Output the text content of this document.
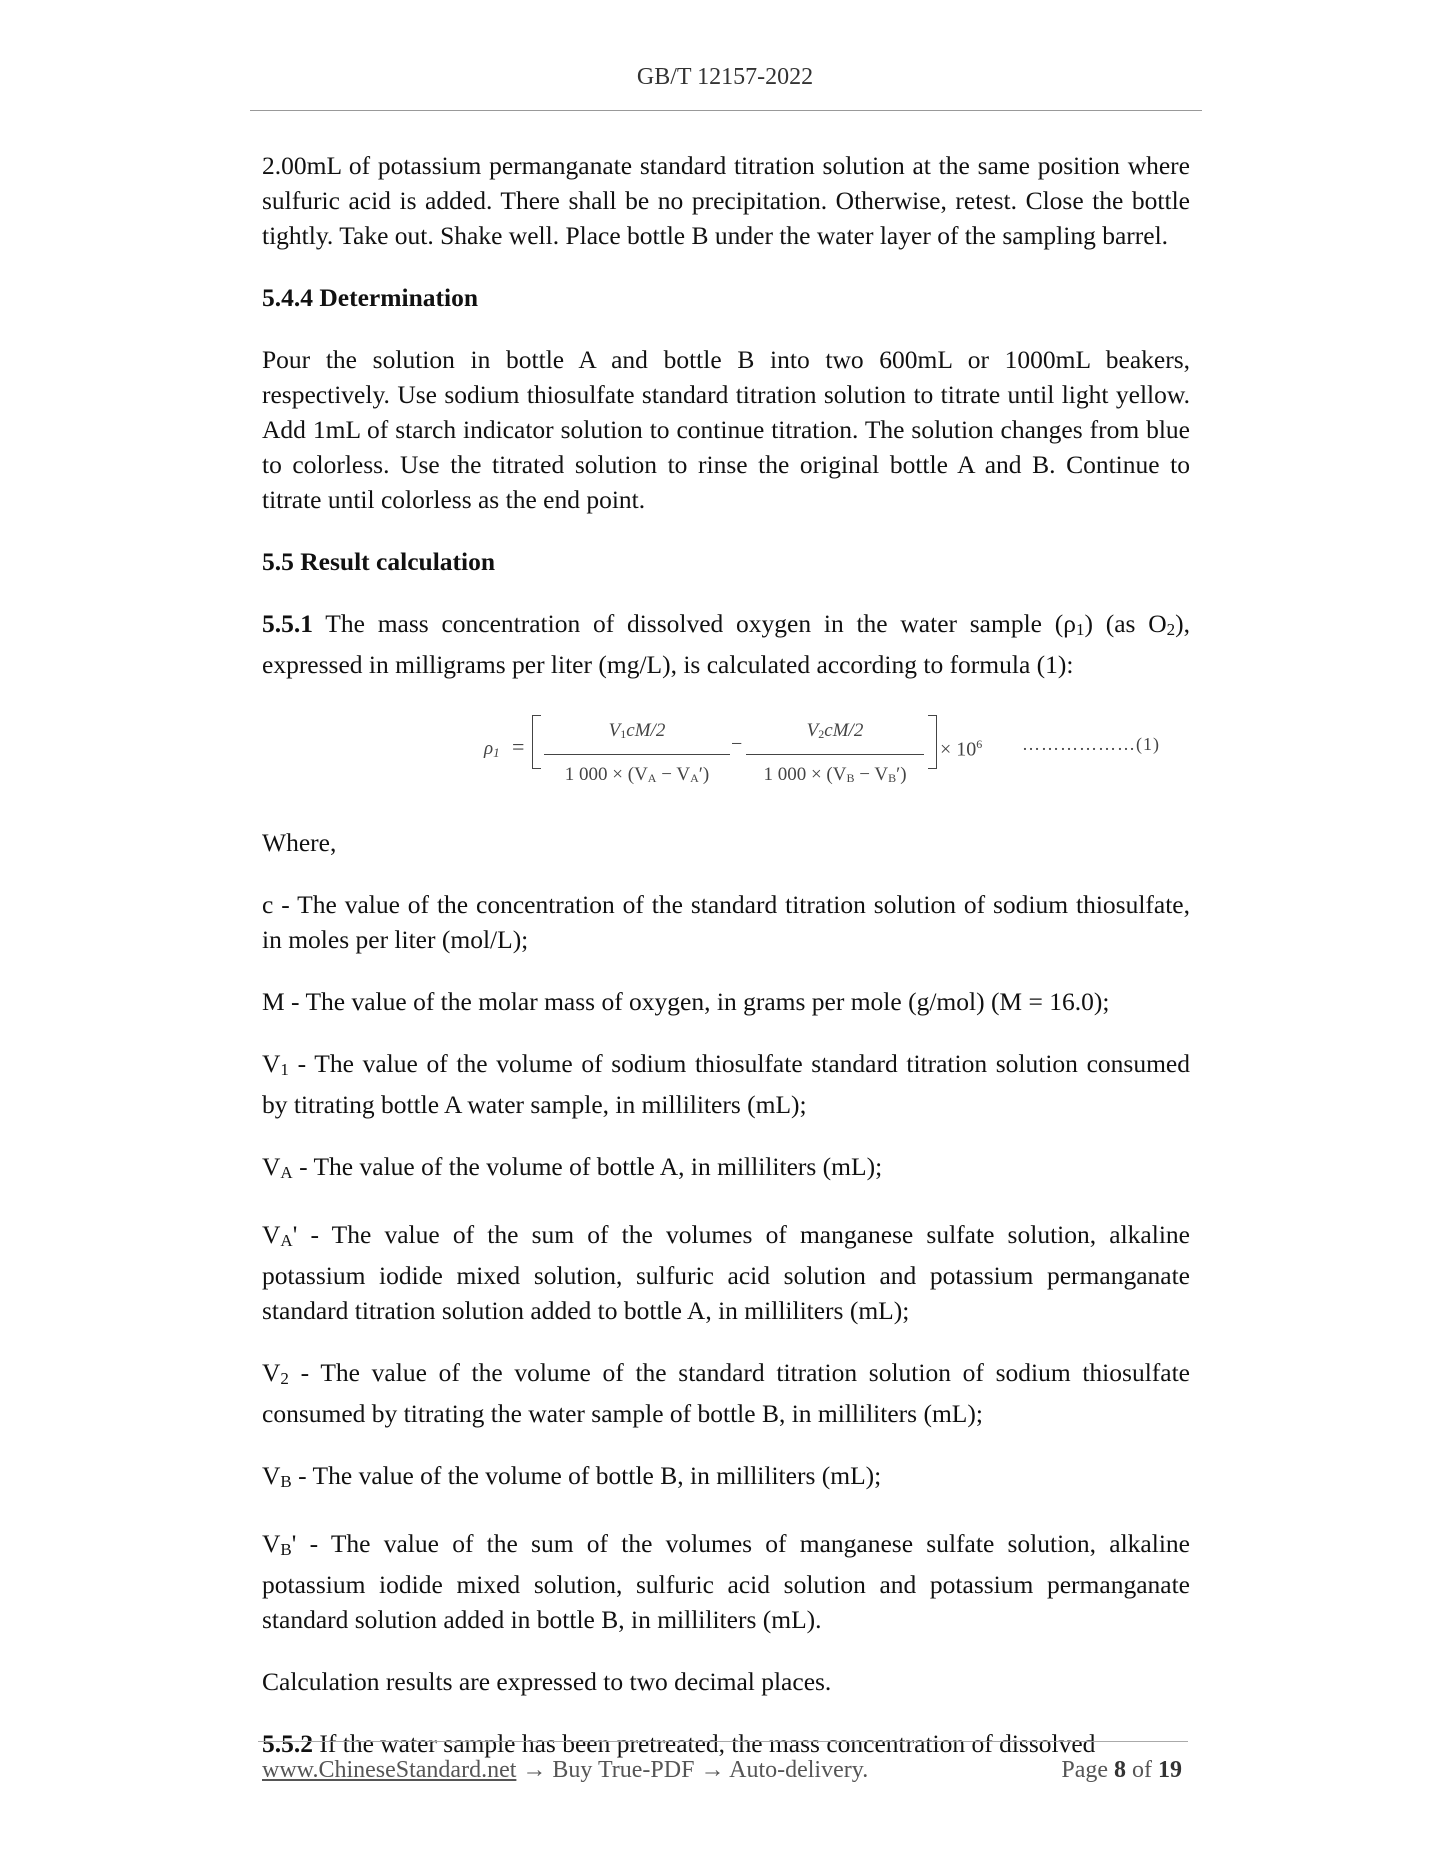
GB/T 12157-2022

2.00mL of potassium permanganate standard titration solution at the same position where sulfuric acid is added. There shall be no precipitation. Otherwise, retest. Close the bottle tightly. Take out. Shake well. Place bottle B under the water layer of the sampling barrel.

5.4.4 Determination

Pour the solution in bottle A and bottle B into two 600mL or 1000mL beakers, respectively. Use sodium thiosulfate standard titration solution to titrate until light yellow. Add 1mL of starch indicator solution to continue titration. The solution changes from blue to colorless. Use the titrated solution to rinse the original bottle A and B. Continue to titrate until colorless as the end point.

5.5 Result calculation

5.5.1 The mass concentration of dissolved oxygen in the water sample (ρ1) (as O2), expressed in milligrams per liter (mg/L), is calculated according to formula (1):

ρ1 =
V1cM/2
1 000 × (VA − VA′)
−
V2cM/2
1 000 × (VB − VB′)
× $10^6$ ………………(1)

Where,

c - The value of the concentration of the standard titration solution of sodium thiosulfate, in moles per liter (mol/L);

M - The value of the molar mass of oxygen, in grams per mole (g/mol) (M = 16.0);

V1 - The value of the volume of sodium thiosulfate standard titration solution consumed by titrating bottle A water sample, in milliliters (mL);

VA - The value of the volume of bottle A, in milliliters (mL);

VA' - The value of the sum of the volumes of manganese sulfate solution, alkaline potassium iodide mixed solution, sulfuric acid solution and potassium permanganate standard titration solution added to bottle A, in milliliters (mL);

V2 - The value of the volume of the standard titration solution of sodium thiosulfate consumed by titrating the water sample of bottle B, in milliliters (mL);

VB - The value of the volume of bottle B, in milliliters (mL);

VB' - The value of the sum of the volumes of manganese sulfate solution, alkaline potassium iodide mixed solution, sulfuric acid solution and potassium permanganate standard solution added in bottle B, in milliliters (mL).

Calculation results are expressed to two decimal places.

5.5.2 If the water sample has been pretreated, the mass concentration of dissolved

www.ChineseStandard.net → Buy True-PDF → Auto-delivery.	Page 8 of 19
